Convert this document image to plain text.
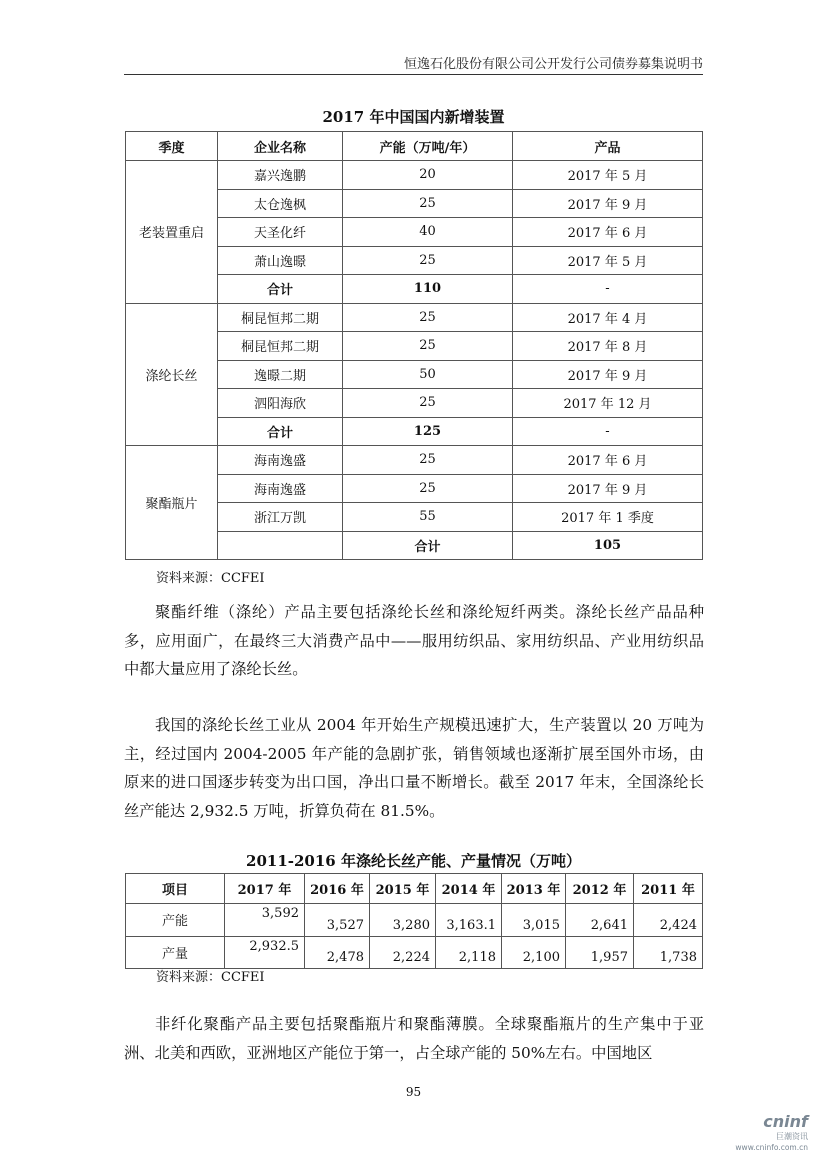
恒逸石化股份有限公司公开发行公司债券募集说明书
2017 年中国国内新增装置
季度	企业名称	产能（万吨/年）	产品	
老装置重启	嘉兴逸鹏	20	2017 年 5 月	
	太仓逸枫	25	2017 年 9 月	
	天圣化纤	40	2017 年 6 月	
	萧山逸暻	25	2017 年 5 月	
	合计	110	-	
涤纶长丝	桐昆恒邦二期	25	2017 年 4 月	
	桐昆恒邦二期	25	2017 年 8 月	
	逸暻二期	50	2017 年 9 月	
	泗阳海欣	25	2017 年 12 月	
	合计	125	-	
聚酯瓶片	海南逸盛	25	2017 年 6 月	
	海南逸盛	25	2017 年 9 月	
	浙江万凯	55	2017 年 1 季度	
		合计	105	
资料来源：CCFEI

聚酯纤维（涤纶）产品主要包括涤纶长丝和涤纶短纤两类。涤纶长丝产品品种多，应用面广，在最终三大消费产品中——服用纺织品、家用纺织品、产业用纺织品中都大量应用了涤纶长丝。

我国的涤纶长丝工业从 2004 年开始生产规模迅速扩大，生产装置以 20 万吨为主，经过国内 2004-2005 年产能的急剧扩张，销售领域也逐渐扩展至国外市场，由原来的进口国逐步转变为出口国，净出口量不断增长。截至 2017 年末，全国涤纶长丝产能达 2,932.5 万吨，折算负荷在 81.5%。

2011-2016 年涤纶长丝产能、产量情况（万吨）
项目	2017 年	2016 年	2015 年	2014 年	2013 年	2012 年	2011 年
产能	3,592	3,527	3,280	3,163.1	3,015	2,641	2,424
产量	2,932.5	2,478	2,224	2,118	2,100	1,957	1,738
资料来源：CCFEI

非纤化聚酯产品主要包括聚酯瓶片和聚酯薄膜。全球聚酯瓶片的生产集中于亚洲、北美和西欧，亚洲地区产能位于第一，占全球产能的 50%左右。中国地区

95
cninf
巨潮资讯
www.cninfo.com.cn
